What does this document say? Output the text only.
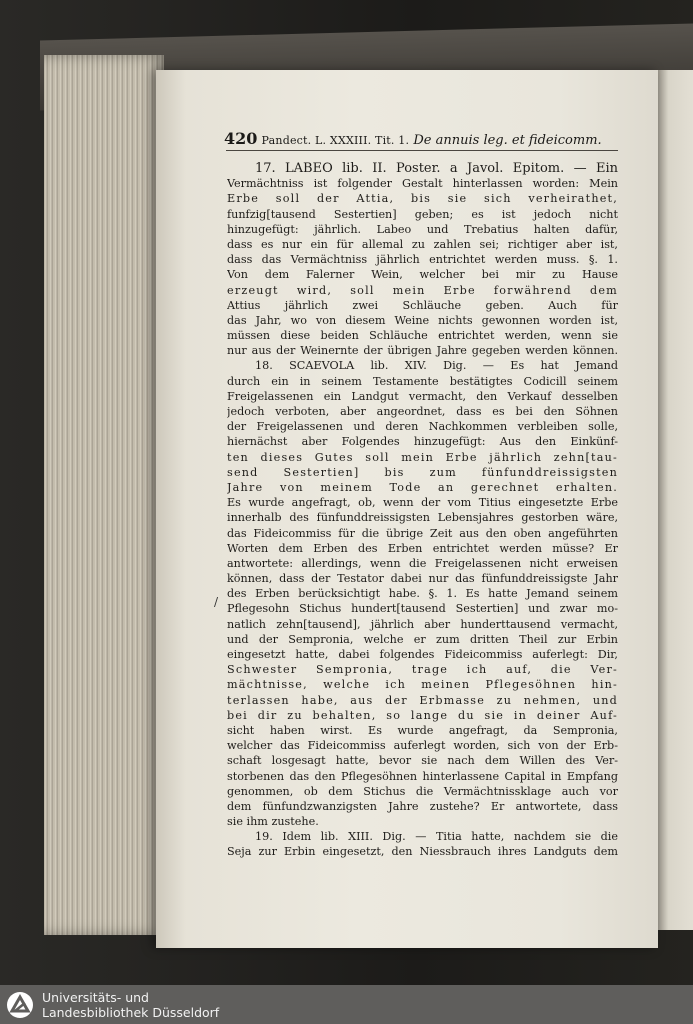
420 Pandect. L. XXXIII. Tit. 1. De annuis leg. et fideicomm.
/
17. LABEO lib. II. Poster. a Javol. Epitom. — Ein
Vermächtniss ist folgender Gestalt hinterlassen worden: Mein
Erbe soll der Attia, bis sie sich verheirathet,
funfzig[tausend Sestertien] geben; es ist jedoch nicht
hinzugefügt: jährlich. Labeo und Trebatius halten dafür,
dass es nur ein für allemal zu zahlen sei; richtiger aber ist,
dass das Vermächtniss jährlich entrichtet werden muss. §. 1.
Von dem Falerner Wein, welcher bei mir zu Hause
erzeugt wird, soll mein Erbe forwährend dem
Attius jährlich zwei Schläuche geben. Auch für
das Jahr, wo von diesem Weine nichts gewonnen worden ist,
müssen diese beiden Schläuche entrichtet werden, wenn sie
nur aus der Weinernte der übrigen Jahre gegeben werden können.
18. SCAEVOLA lib. XIV. Dig. — Es hat Jemand
durch ein in seinem Testamente bestätigtes Codicill seinem
Freigelassenen ein Landgut vermacht, den Verkauf desselben
jedoch verboten, aber angeordnet, dass es bei den Söhnen
der Freigelassenen und deren Nachkommen verbleiben solle,
hiernächst aber Folgendes hinzugefügt: Aus den Einkünf-
ten dieses Gutes soll mein Erbe jährlich zehn[tau-
send Sestertien] bis zum fünfunddreissigsten
Jahre von meinem Tode an gerechnet erhalten.
Es wurde angefragt, ob, wenn der vom Titius eingesetzte Erbe
innerhalb des fünfunddreissigsten Lebensjahres gestorben wäre,
das Fideicommiss für die übrige Zeit aus den oben angeführten
Worten dem Erben des Erben entrichtet werden müsse? Er
antwortete: allerdings, wenn die Freigelassenen nicht erweisen
können, dass der Testator dabei nur das fünfunddreissigste Jahr
des Erben berücksichtigt habe. §. 1. Es hatte Jemand seinem
Pflegesohn Stichus hundert[tausend Sestertien] und zwar mo-
natlich zehn[tausend], jährlich aber hunderttausend vermacht,
und der Sempronia, welche er zum dritten Theil zur Erbin
eingesetzt hatte, dabei folgendes Fideicommiss auferlegt: Dir,
Schwester Sempronia, trage ich auf, die Ver-
mächtnisse, welche ich meinen Pflegesöhnen hin-
terlassen habe, aus der Erbmasse zu nehmen, und
bei dir zu behalten, so lange du sie in deiner Auf-
sicht haben wirst. Es wurde angefragt, da Sempronia,
welcher das Fideicommiss auferlegt worden, sich von der Erb-
schaft losgesagt hatte, bevor sie nach dem Willen des Ver-
storbenen das den Pflegesöhnen hinterlassene Capital in Empfang
genommen, ob dem Stichus die Vermächtnissklage auch vor
dem fünfundzwanzigsten Jahre zustehe? Er antwortete, dass
sie ihm zustehe.
19. Idem lib. XIII. Dig. — Titia hatte, nachdem sie die
Seja zur Erbin eingesetzt, den Niessbrauch ihres Landguts dem
Universitäts- und
Landesbibliothek Düsseldorf
